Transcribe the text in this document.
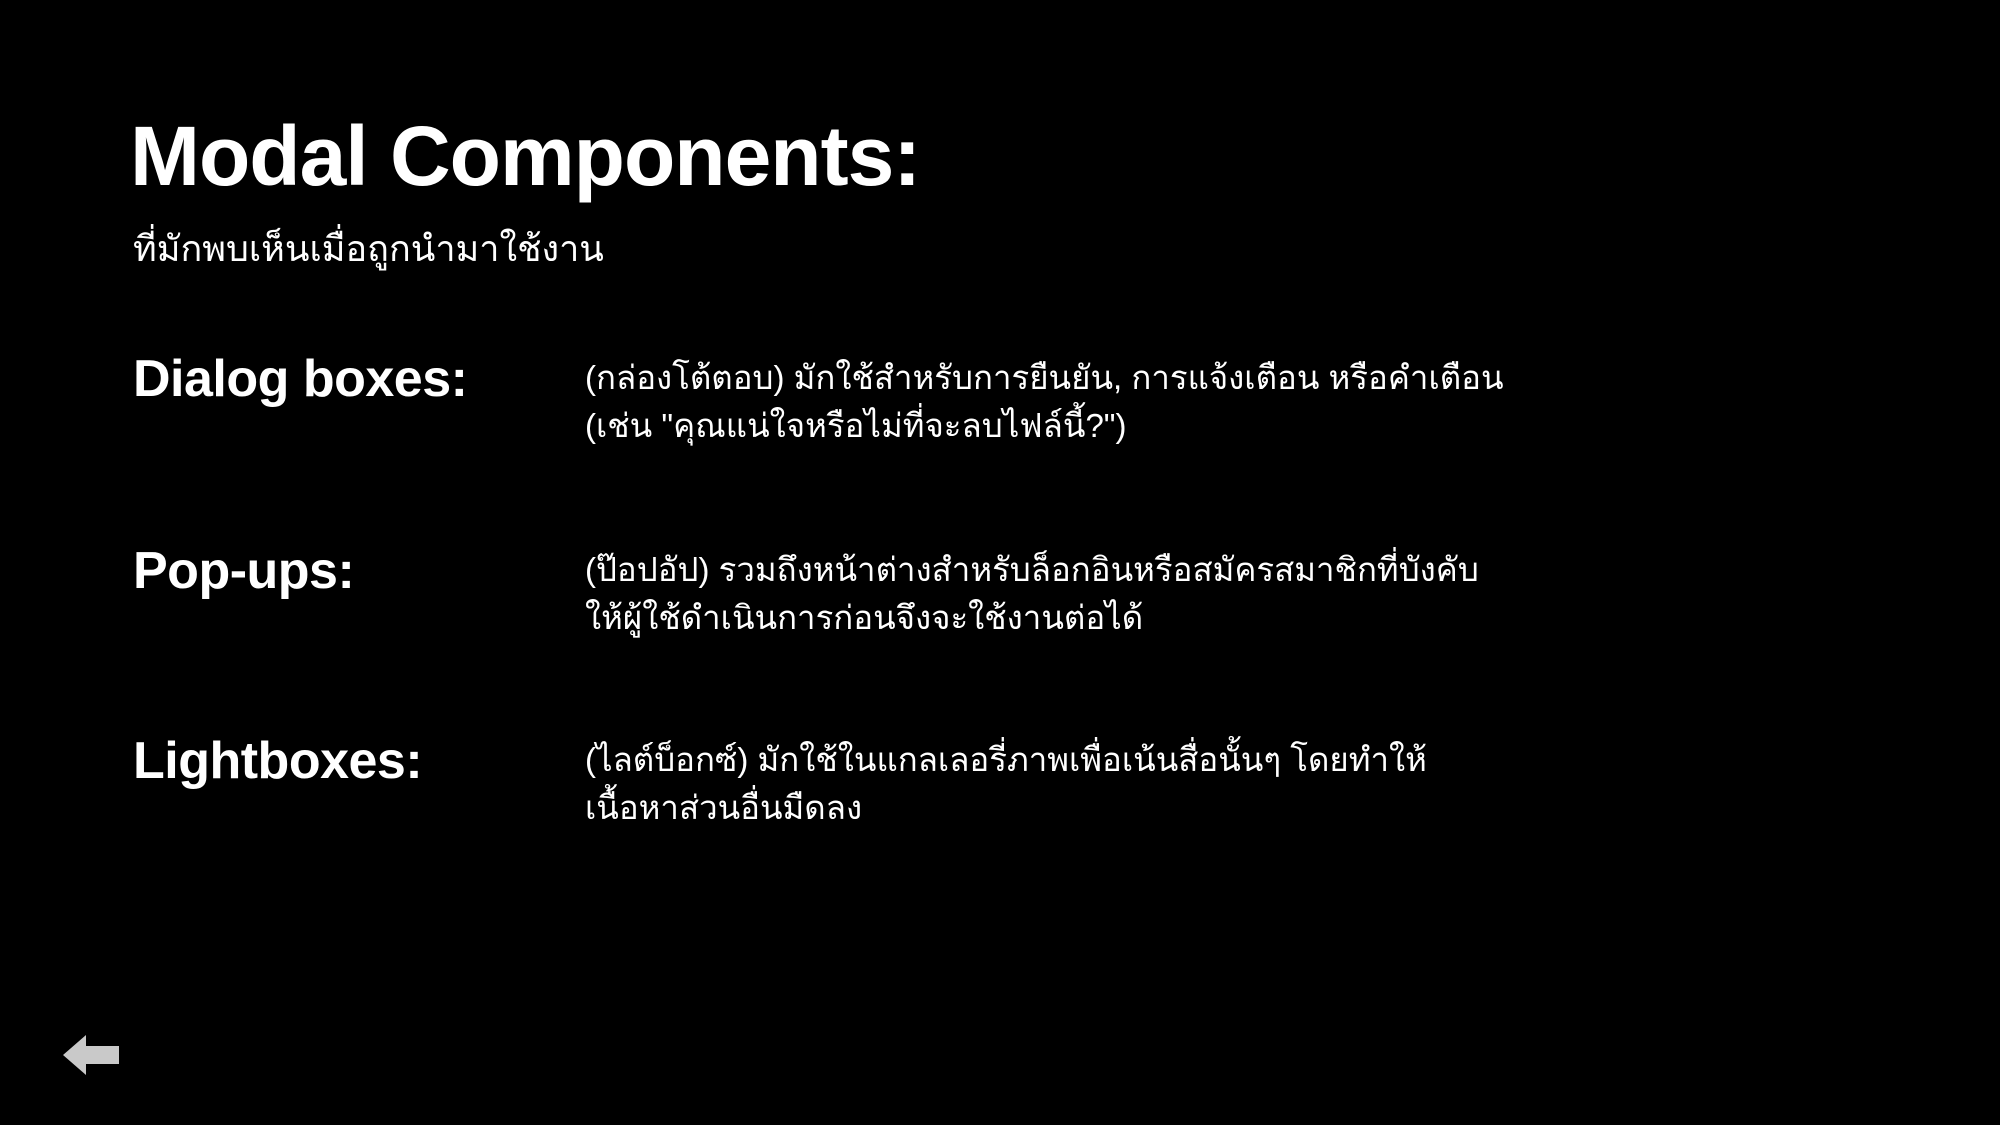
Modal Components:
ที่มักพบเห็นเมื่อถูกนำมาใช้งาน
Dialog boxes:	(กล่องโต้ตอบ) มักใช้สำหรับการยืนยัน, การแจ้งเตือน หรือคำเตือน
(เช่น "คุณแน่ใจหรือไม่ที่จะลบไฟล์นี้?")
Pop-ups:	(ป๊อปอัป) รวมถึงหน้าต่างสำหรับล็อกอินหรือสมัครสมาชิกที่บังคับ
ให้ผู้ใช้ดำเนินการก่อนจึงจะใช้งานต่อได้
Lightboxes:	(ไลต์บ็อกซ์) มักใช้ในแกลเลอรี่ภาพเพื่อเน้นสื่อนั้นๆ โดยทำให้
เนื้อหาส่วนอื่นมืดลง
